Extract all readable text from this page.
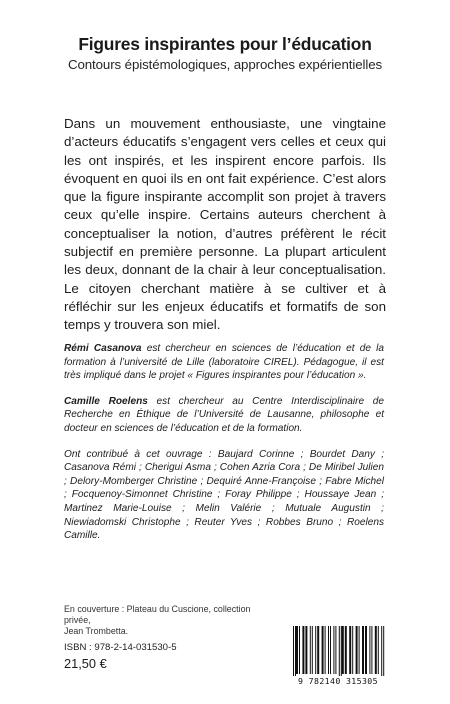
Figures inspirantes pour l’éducation
Contours épistémologiques, approches expérientielles

Dans un mouvement enthousiaste, une vingtaine d’acteurs éducatifs s’engagent vers celles et ceux qui les ont inspirés, et les inspirent encore parfois. Ils évoquent en quoi ils en ont fait expérience. C’est alors que la figure inspirante accomplit son projet à travers ceux qu’elle inspire. Certains auteurs cherchent à conceptualiser la notion, d’autres préfèrent le récit subjectif en première personne. La plupart articulent les deux, donnant de la chair à leur conceptualisation. Le citoyen cherchant matière à se cultiver et à réfléchir sur les enjeux éducatifs et formatifs de son temps y trouvera son miel.

Rémi Casanova est chercheur en sciences de l’éducation et de la formation à l’université de Lille (laboratoire CIREL). Pédagogue, il est très impliqué dans le projet « Figures inspirantes pour l’éducation ».

Camille Roelens est chercheur au Centre Interdisciplinaire de Recherche en Éthique de l’Université de Lausanne, philosophe et docteur en sciences de l’éducation et de la formation.

Ont contribué à cet ouvrage : Baujard Corinne ; Bourdet Dany ; Casanova Rémi ; Cherigui Asma ; Cohen Azria Cora ; De Miribel Julien ; Delory-Momberger Christine ; Dequiré Anne-Françoise ; Fabre Michel ; Focquenoy-Simonnet Christine ; Foray Philippe ; Houssaye Jean ; Martinez Marie-Louise ; Melin Valérie ; Mutuale Augustin ; Niewiadomski Christophe ; Reuter Yves ; Robbes Bruno ; Roelens Camille.

En couverture : Plateau du Cuscione, collection privée,
Jean Trombetta.
ISBN : 978-2-14-031530-5
21,50 €
9 782140 315305
